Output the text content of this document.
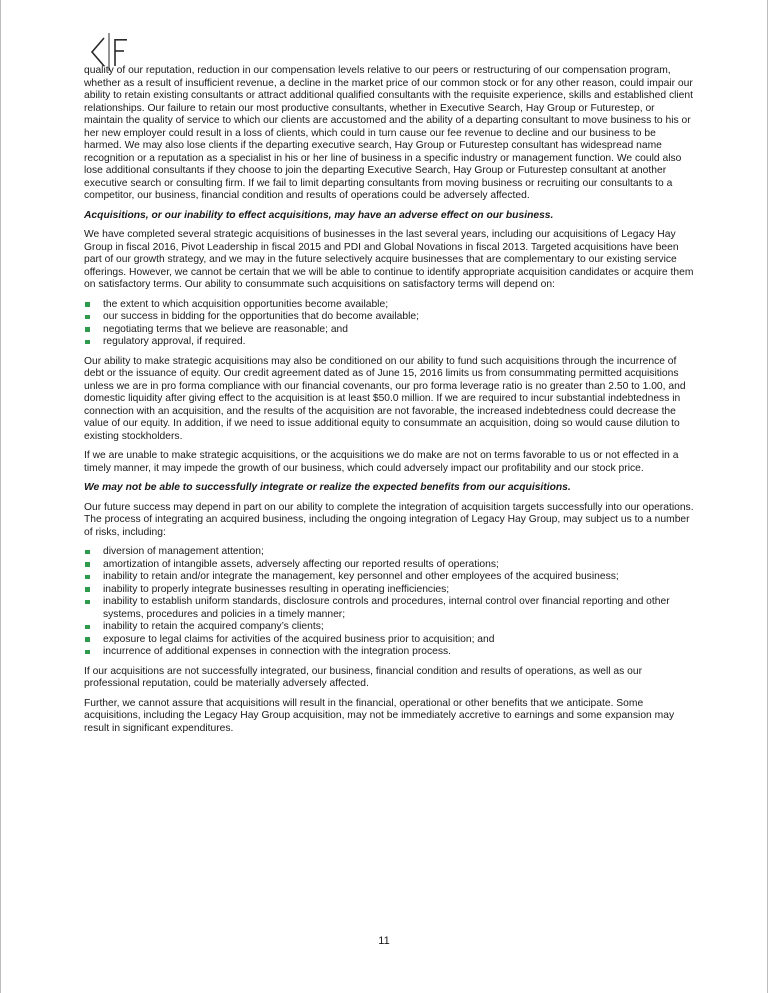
quality of our reputation, reduction in our compensation levels relative to our peers or restructuring of our compensation program, whether as a result of insufficient revenue, a decline in the market price of our common stock or for any other reason, could impair our ability to retain existing consultants or attract additional qualified consultants with the requisite experience, skills and established client relationships. Our failure to retain our most productive consultants, whether in Executive Search, Hay Group or Futurestep, or maintain the quality of service to which our clients are accustomed and the ability of a departing consultant to move business to his or her new employer could result in a loss of clients, which could in turn cause our fee revenue to decline and our business to be harmed. We may also lose clients if the departing executive search, Hay Group or Futurestep consultant has widespread name recognition or a reputation as a specialist in his or her line of business in a specific industry or management function. We could also lose additional consultants if they choose to join the departing Executive Search, Hay Group or Futurestep consultant at another executive search or consulting firm. If we fail to limit departing consultants from moving business or recruiting our consultants to a competitor, our business, financial condition and results of operations could be adversely affected.

Acquisitions, or our inability to effect acquisitions, may have an adverse effect on our business.

We have completed several strategic acquisitions of businesses in the last several years, including our acquisitions of Legacy Hay Group in fiscal 2016, Pivot Leadership in fiscal 2015 and PDI and Global Novations in fiscal 2013. Targeted acquisitions have been part of our growth strategy, and we may in the future selectively acquire businesses that are complementary to our existing service offerings. However, we cannot be certain that we will be able to continue to identify appropriate acquisition candidates or acquire them on satisfactory terms. Our ability to consummate such acquisitions on satisfactory terms will depend on:

the extent to which acquisition opportunities become available;
our success in bidding for the opportunities that do become available;
negotiating terms that we believe are reasonable; and
regulatory approval, if required.

Our ability to make strategic acquisitions may also be conditioned on our ability to fund such acquisitions through the incurrence of debt or the issuance of equity. Our credit agreement dated as of June 15, 2016 limits us from consummating permitted acquisitions unless we are in pro forma compliance with our financial covenants, our pro forma leverage ratio is no greater than 2.50 to 1.00, and domestic liquidity after giving effect to the acquisition is at least $50.0 million. If we are required to incur substantial indebtedness in connection with an acquisition, and the results of the acquisition are not favorable, the increased indebtedness could decrease the value of our equity. In addition, if we need to issue additional equity to consummate an acquisition, doing so would cause dilution to existing stockholders.

If we are unable to make strategic acquisitions, or the acquisitions we do make are not on terms favorable to us or not effected in a timely manner, it may impede the growth of our business, which could adversely impact our profitability and our stock price.

We may not be able to successfully integrate or realize the expected benefits from our acquisitions.

Our future success may depend in part on our ability to complete the integration of acquisition targets successfully into our operations. The process of integrating an acquired business, including the ongoing integration of Legacy Hay Group, may subject us to a number of risks, including:

diversion of management attention;
amortization of intangible assets, adversely affecting our reported results of operations;
inability to retain and/or integrate the management, key personnel and other employees of the acquired business;
inability to properly integrate businesses resulting in operating inefficiencies;
inability to establish uniform standards, disclosure controls and procedures, internal control over financial reporting and other systems, procedures and policies in a timely manner;
inability to retain the acquired company’s clients;
exposure to legal claims for activities of the acquired business prior to acquisition; and
incurrence of additional expenses in connection with the integration process.

If our acquisitions are not successfully integrated, our business, financial condition and results of operations, as well as our professional reputation, could be materially adversely affected.

Further, we cannot assure that acquisitions will result in the financial, operational or other benefits that we anticipate. Some acquisitions, including the Legacy Hay Group acquisition, may not be immediately accretive to earnings and some expansion may result in significant expenditures.

11
